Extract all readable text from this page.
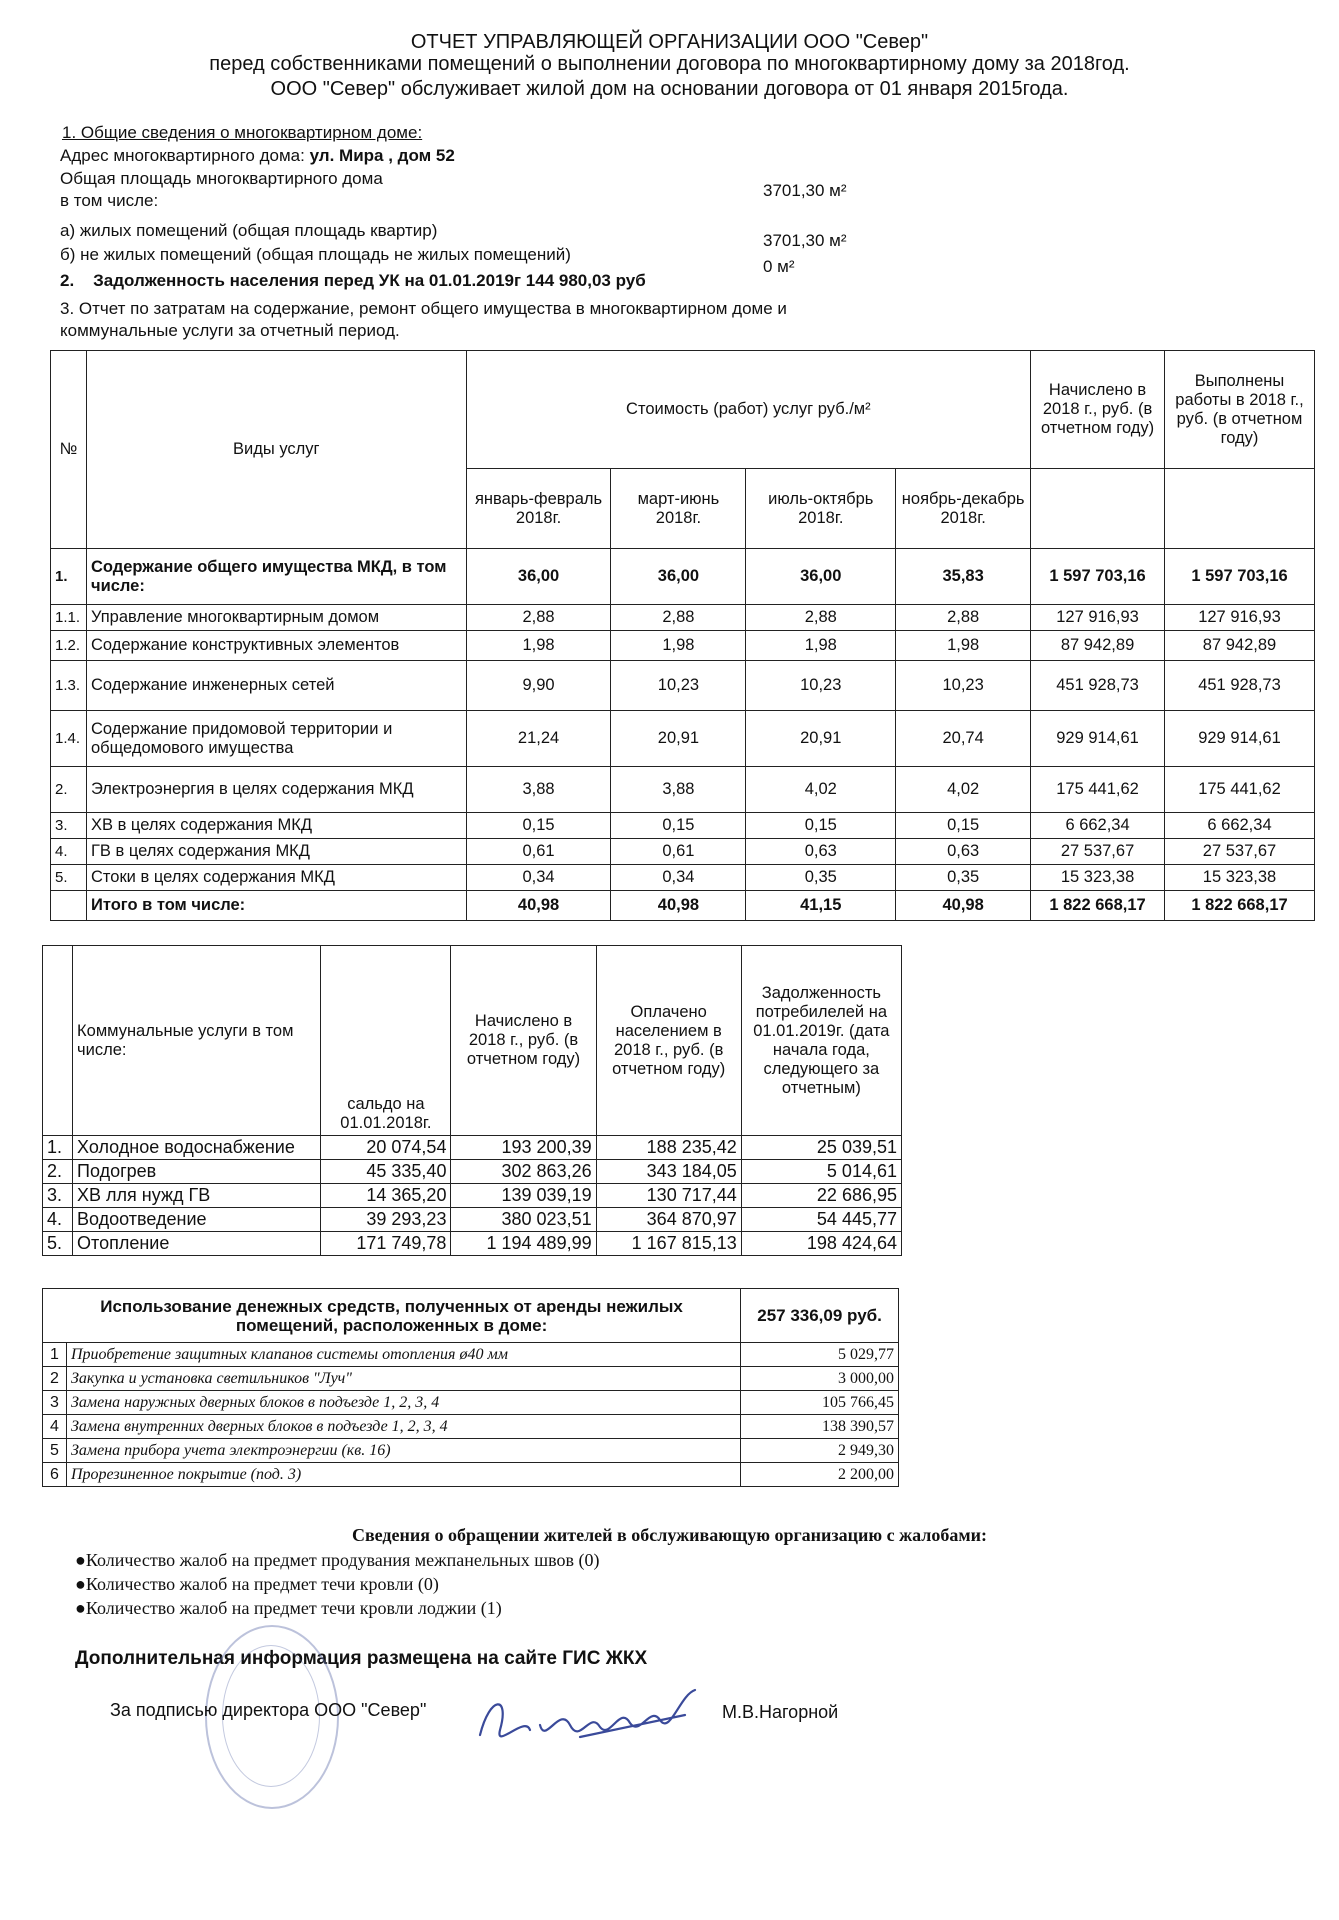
ОТЧЕТ УПРАВЛЯЮЩЕЙ ОРГАНИЗАЦИИ ООО "Север"
перед собственниками помещений о выполнении договора по многоквартирному дому за 2018год.
ООО "Север" обслуживает жилой дом на основании договора от 01 января 2015года.
1. Общие сведения о многоквартирном доме:
Адрес многоквартирного дома: ул. Мира , дом 52
Общая площадь многоквартирного дома
в том числе:
3701,30 м²
а) жилых помещений (общая площадь квартир)
3701,30 м²
б) не жилых помещений (общая площадь не жилых помещений)
0 м²
2. Задолженность населения перед УК на 01.01.2019г 144 980,03 руб
3. Отчет по затратам на содержание, ремонт общего имущества в многоквартирном доме и
коммунальные услуги за отчетный период.
№	Виды услуг	Стоимость (работ) услуг руб./м²				Начислено в 2018 г., руб. (в отчетном году)	Выполнены работы в 2018 г., руб. (в отчетном году)
		январь-февраль 2018г.	март-июнь 2018г.	июль-октябрь 2018г.	ноябрь-декабрь 2018г.		
1.	Содержание общего имущества МКД, в том числе:	36,00	36,00	36,00	35,83	1 597 703,16	1 597 703,16
1.1.	Управление многоквартирным домом	2,88	2,88	2,88	2,88	127 916,93	127 916,93
1.2.	Содержание конструктивных элементов	1,98	1,98	1,98	1,98	87 942,89	87 942,89
1.3.	Содержание инженерных сетей	9,90	10,23	10,23	10,23	451 928,73	451 928,73
1.4.	Содержание придомовой территории и общедомового имущества	21,24	20,91	20,91	20,74	929 914,61	929 914,61
2.	Электроэнергия в целях содержания МКД	3,88	3,88	4,02	4,02	175 441,62	175 441,62
3.	ХВ в целях содержания МКД	0,15	0,15	0,15	0,15	6 662,34	6 662,34
4.	ГВ в целях содержания МКД	0,61	0,61	0,63	0,63	27 537,67	27 537,67
5.	Стоки в целях содержания МКД	0,34	0,34	0,35	0,35	15 323,38	15 323,38
	Итого в том числе:	40,98	40,98	41,15	40,98	1 822 668,17	1 822 668,17
	Коммунальные услуги в том числе:	сальдо на 01.01.2018г.	Начислено в 2018 г., руб. (в отчетном году)	Оплачено населением в 2018 г., руб. (в отчетном году)	Задолженность потребилелей на 01.01.2019г. (дата начала года, следующего за отчетным)
1.	Холодное водоснабжение	20 074,54	193 200,39	188 235,42	25 039,51
2.	Подогрев	45 335,40	302 863,26	343 184,05	5 014,61
3.	ХВ лля нужд ГВ	14 365,20	139 039,19	130 717,44	22 686,95
4.	Водоотведение	39 293,23	380 023,51	364 870,97	54 445,77
5.	Отопление	171 749,78	1 194 489,99	1 167 815,13	198 424,64
Использование денежных средств, полученных от аренды нежилых помещений, расположенных в доме:		257 336,09 руб.
1	Приобретение защитных клапанов системы отопления ø40 мм	5 029,77
2	Закупка и установка светильников "Луч"	3 000,00
3	Замена наружных дверных блоков в подъезде 1, 2, 3, 4	105 766,45
4	Замена внутренних дверных блоков в подъезде 1, 2, 3, 4	138 390,57
5	Замена прибора учета электроэнергии (кв. 16)	2 949,30
6	Прорезиненное покрытие (под. 3)	2 200,00
Сведения о обращении жителей в обслуживающую организацию с жалобами:
●Количество жалоб на предмет продувания межпанельных швов (0)
●Количество жалоб на предмет течи кровли (0)
●Количество жалоб на предмет течи кровли лоджии (1)
Дополнительная информация размещена на сайте ГИС ЖКХ
За подписью директора ООО "Север"	М.В.Нагорной
